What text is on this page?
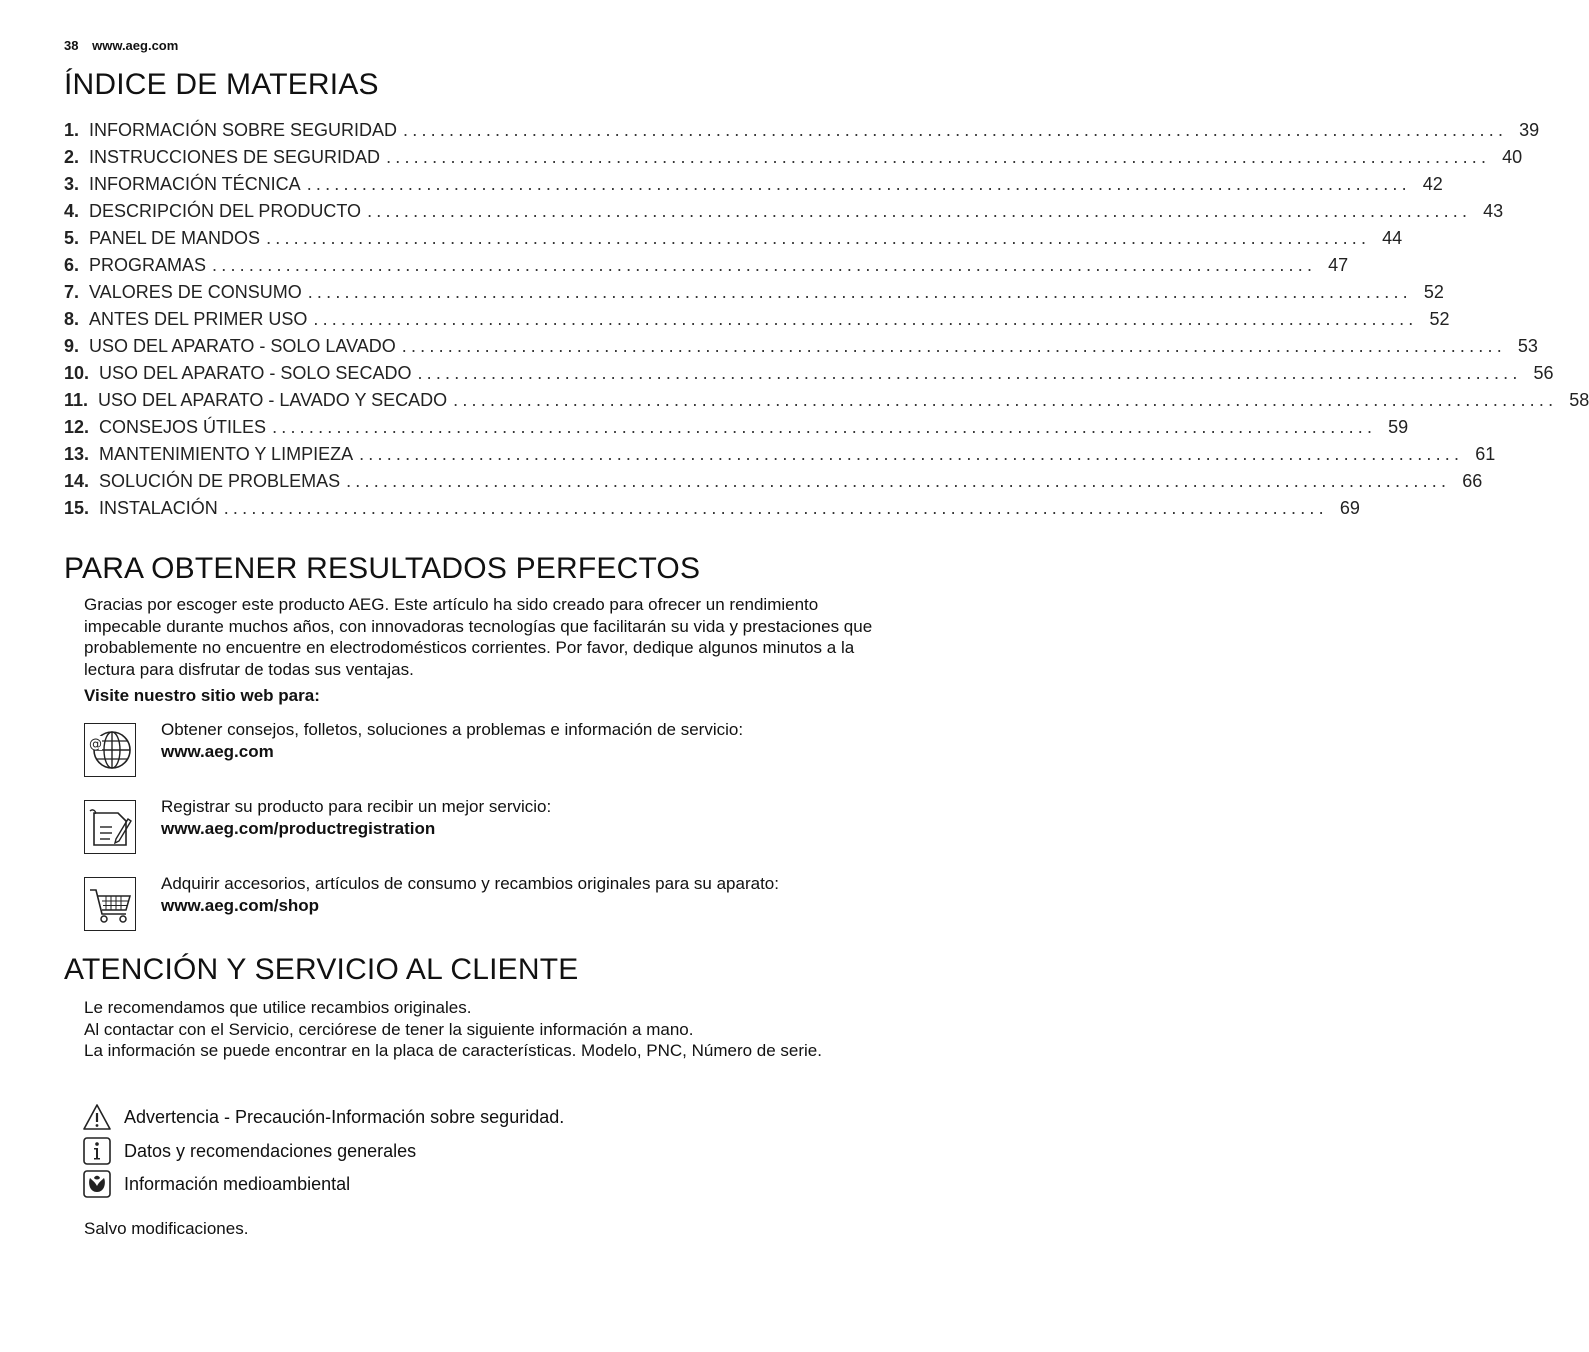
38 www.aeg.com
ÍNDICE DE MATERIAS
1. INFORMACIÓN SOBRE SEGURIDAD ........................................................................................................................ 39
2. INSTRUCCIONES DE SEGURIDAD ........................................................................................................................ 40
3. INFORMACIÓN TÉCNICA ........................................................................................................................ 42
4. DESCRIPCIÓN DEL PRODUCTO ........................................................................................................................ 43
5. PANEL DE MANDOS ........................................................................................................................ 44
6. PROGRAMAS ........................................................................................................................ 47
7. VALORES DE CONSUMO ........................................................................................................................ 52
8. ANTES DEL PRIMER USO ........................................................................................................................ 52
9. USO DEL APARATO - SOLO LAVADO ........................................................................................................................ 53
10. USO DEL APARATO - SOLO SECADO ........................................................................................................................ 56
11. USO DEL APARATO - LAVADO Y SECADO ........................................................................................................................ 58
12. CONSEJOS ÚTILES ........................................................................................................................ 59
13. MANTENIMIENTO Y LIMPIEZA ........................................................................................................................ 61
14. SOLUCIÓN DE PROBLEMAS ........................................................................................................................ 66
15. INSTALACIÓN ........................................................................................................................ 69
PARA OBTENER RESULTADOS PERFECTOS
Gracias por escoger este producto AEG. Este artículo ha sido creado para ofrecer un rendimiento impecable durante muchos años, con innovadoras tecnologías que facilitarán su vida y prestaciones que probablemente no encuentre en electrodomésticos corrientes. Por favor, dedique algunos minutos a la lectura para disfrutar de todas sus ventajas.
Visite nuestro sitio web para:
@
Obtener consejos, folletos, soluciones a problemas e información de servicio:
www.aeg.com
Registrar su producto para recibir un mejor servicio:
www.aeg.com/productregistration
Adquirir accesorios, artículos de consumo y recambios originales para su aparato:
www.aeg.com/shop
ATENCIÓN Y SERVICIO AL CLIENTE
Le recomendamos que utilice recambios originales.
Al contactar con el Servicio, cerciórese de tener la siguiente información a mano.
La información se puede encontrar en la placa de características. Modelo, PNC, Número de serie.
Advertencia - Precaución-Información sobre seguridad.
Datos y recomendaciones generales
Información medioambiental
Salvo modificaciones.
